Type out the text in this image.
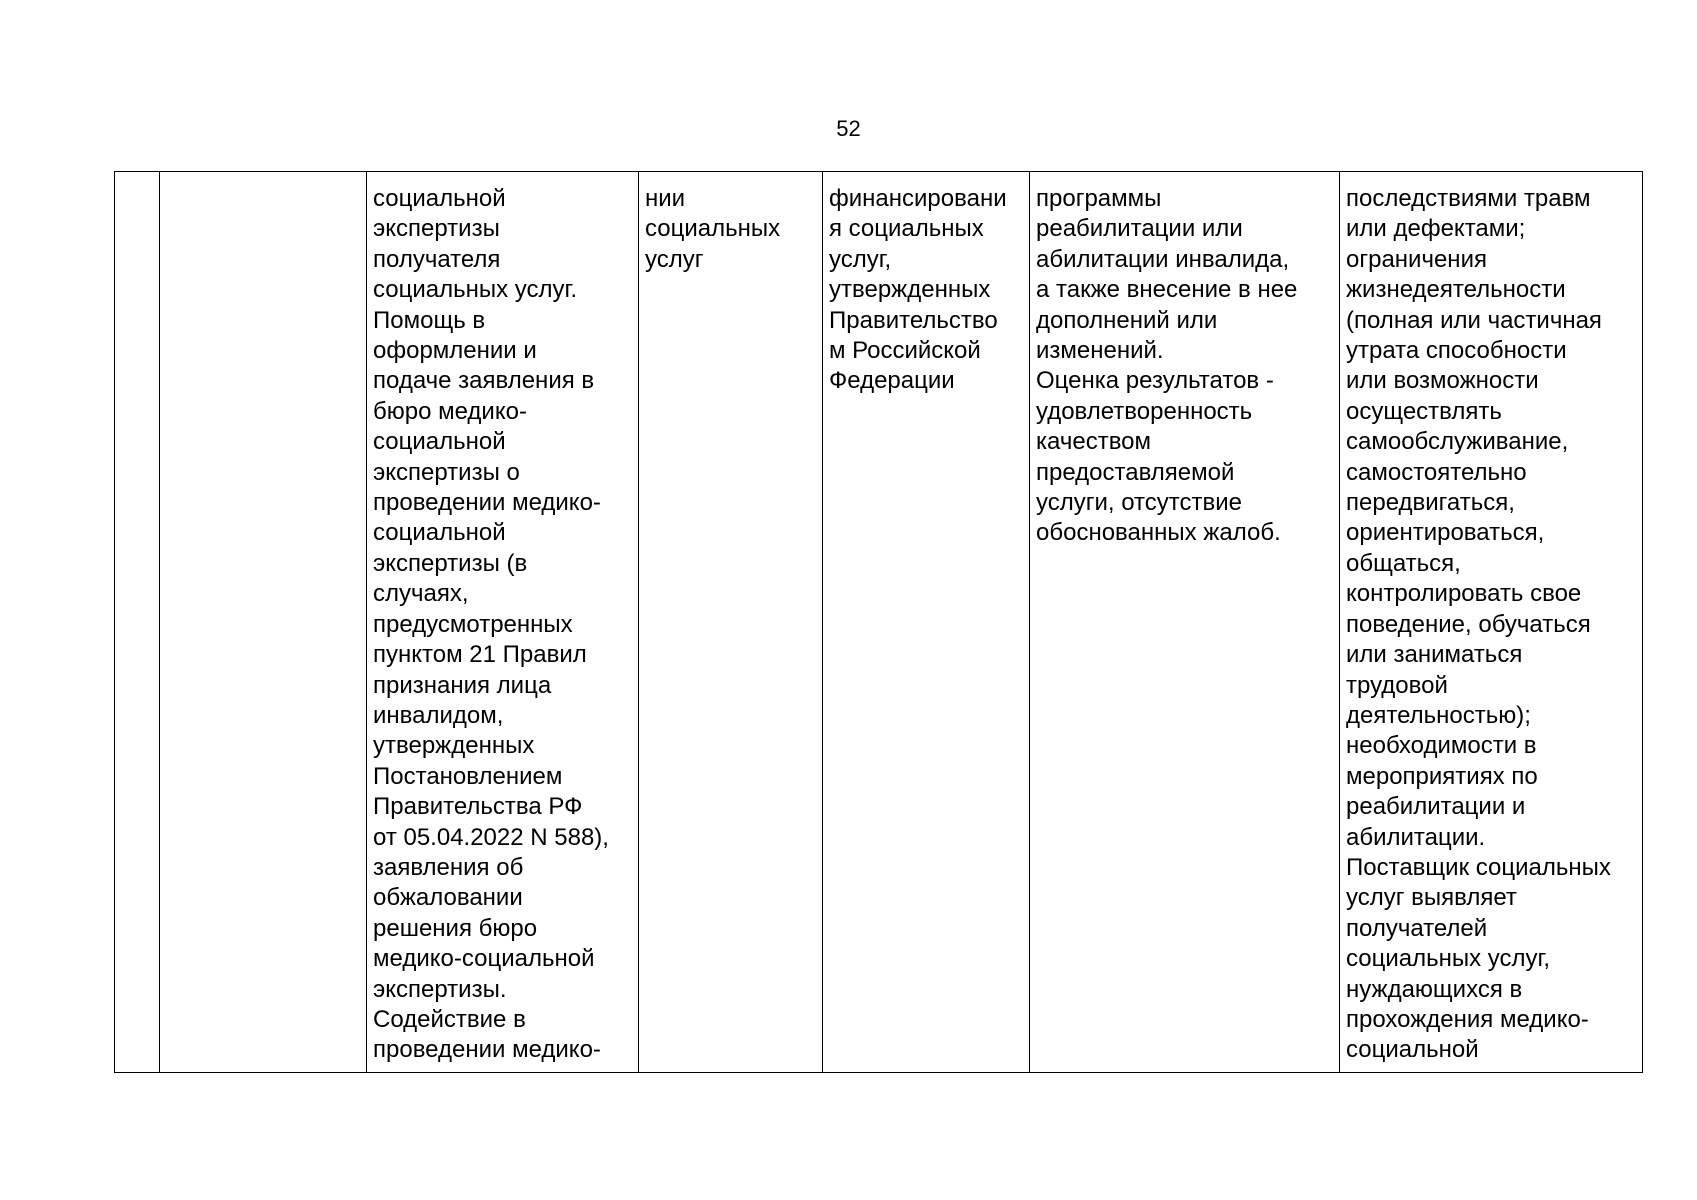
52
		социальной
экспертизы
получателя
социальных услуг.
Помощь в
оформлении и
подаче заявления в
бюро медико-
социальной
экспертизы о
проведении медико-
социальной
экспертизы (в
случаях,
предусмотренных
пунктом 21 Правил
признания лица
инвалидом,
утвержденных
Постановлением
Правительства РФ
от 05.04.2022 N 588),
заявления об
обжаловании
решения бюро
медико-социальной
экспертизы.
Содействие в
проведении медико-	нии
социальных
услуг	финансировани
я социальных
услуг,
утвержденных
Правительство
м Российской
Федерации	программы
реабилитации или
абилитации инвалида,
а также внесение в нее
дополнений или
изменений.
Оценка результатов -
удовлетворенность
качеством
предоставляемой
услуги, отсутствие
обоснованных жалоб.	последствиями травм
или дефектами;
ограничения
жизнедеятельности
(полная или частичная
утрата способности
или возможности
осуществлять
самообслуживание,
самостоятельно
передвигаться,
ориентироваться,
общаться,
контролировать свое
поведение, обучаться
или заниматься
трудовой
деятельностью);
необходимости в
мероприятиях по
реабилитации и
абилитации.
Поставщик социальных
услуг выявляет
получателей
социальных услуг,
нуждающихся в
прохождения медико-
социальной
